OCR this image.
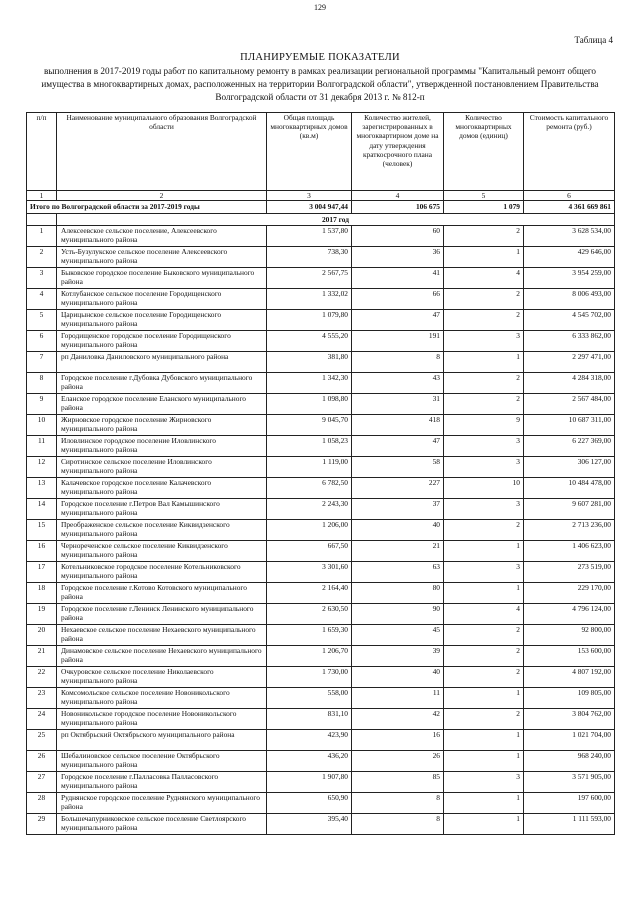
129
Таблица 4
ПЛАНИРУЕМЫЕ ПОКАЗАТЕЛИ
выполнения в 2017-2019 годы работ по капитальному ремонту в рамках реализации региональной программы "Капитальный ремонт общего имущества в многоквартирных домах, расположенных на территории Волгоградской области", утвержденной постановлением Правительства Волгоградской области от 31 декабря 2013 г. № 812-п
п/п	Наименование муниципального образования Волгоградской области	Общая площадь многоквартирных домов (кв.м)	Количество жителей, зарегистрированных в многоквартирном доме на дату утверждения краткосрочного плана (человек)	Количество многоквартирных домов (единиц)	Стоимость капитального ремонта (руб.)
1	2	3	4	5	6
Итого по Волгоградской области за 2017-2019 годы		3 004 947,44	106 675	1 079	4 361 669 861
	2017 год				
1	Алексеевское сельское поселение, Алексеевского муниципального района	1 537,80	60	2	3 628 534,00
2	Усть-Бузулукское сельское поселение Алексеевского муниципального района	738,30	36	1	429 646,00
3	Быковское городское поселение Быковского муниципального района	2 567,75	41	4	3 954 259,00
4	Котлубанское сельское поселение Городищенского муниципального района	1 332,02	66	2	8 006 493,00
5	Царицынское сельское поселение Городищенского муниципального района	1 079,80	47	2	4 545 702,00
6	Городищенское городское поселение Городищенского муниципального района	4 555,20	191	3	6 333 862,00
7	рп Даниловка Даниловского муниципального района	381,80	8	1	2 297 471,00
8	Городское поселение г.Дубовка Дубовского муниципального района	1 342,30	43	2	4 284 318,00
9	Еланское городское поселение Еланского муниципального района	1 098,80	31	2	2 567 484,00
10	Жирновское городское поселение Жирновского муниципального района	9 045,70	418	9	10 687 311,00
11	Иловлинское городское поселение Иловлинского муниципального района	1 058,23	47	3	6 227 369,00
12	Сиротинское сельское поселение Иловлинского муниципального района	1 119,00	58	3	306 127,00
13	Калачевское городское поселение Калачевского муниципального района	6 782,50	227	10	10 484 478,00
14	Городское поселение г.Петров Вал Камышинского муниципального района	2 243,30	37	3	9 607 281,00
15	Преображенское сельское поселение Киквидзенского муниципального района	1 206,00	40	2	2 713 236,00
16	Чернореченское сельское поселение Киквидзенского муниципального района	667,50	21	1	1 406 623,00
17	Котельниковское городское поселение Котельниковского муниципального района	3 301,60	63	3	273 519,00
18	Городское поселение г.Котово Котовского муниципального района	2 164,40	80	1	229 170,00
19	Городское поселение г.Ленинск Ленинского муниципального района	2 630,50	90	4	4 796 124,00
20	Нехаевское сельское поселение Нехаевского муниципального района	1 659,30	45	2	92 800,00
21	Динамовское сельское поселение Нехаевского муниципального района	1 206,70	39	2	153 600,00
22	Очкуровское сельское поселение Николаевского муниципального района	1 730,00	40	2	4 807 192,00
23	Комсомольское сельское поселение Новоникольского муниципального района	558,00	11	1	109 805,00
24	Новоникольское городское поселение Новоникольского муниципального района	831,10	42	2	3 804 762,00
25	рп Октябрьский Октябрьского муниципального района	423,90	16	1	1 021 704,00
26	Шебалиновское сельское поселение Октябрьского муниципального района	436,20	26	1	968 240,00
27	Городское поселение г.Палласовка Палласовского муниципального района	1 907,80	85	3	3 571 905,00
28	Руднянское городское поселение Руднянского муниципального района	650,90	8	1	197 600,00
29	Большечапурниковское сельское поселение Светлоярского муниципального района	395,40	8	1	1 111 593,00
